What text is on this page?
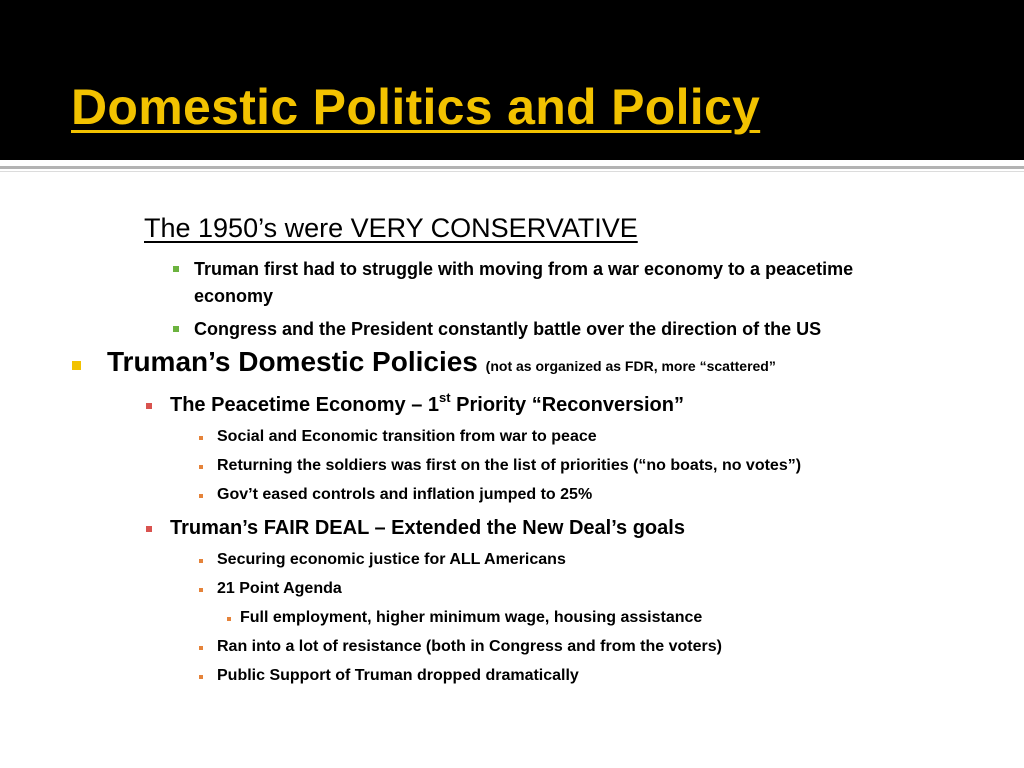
Domestic Politics and Policy
The 1950’s were VERY CONSERVATIVE
Truman first had to struggle with moving from a war economy to a peacetime
economy
Congress and the President constantly battle over the direction of the US
Truman’s Domestic Policies (not as organized as FDR, more “scattered”
The Peacetime Economy – 1st Priority “Reconversion”
Social and Economic transition from war to peace
Returning the soldiers was first on the list of priorities (“no boats, no votes”)
Gov’t eased controls and inflation jumped to 25%
Truman’s FAIR DEAL – Extended the New Deal’s goals
Securing economic justice for ALL Americans
21 Point Agenda
Full employment, higher minimum wage, housing assistance
Ran into a lot of resistance (both in Congress and from the voters)
Public Support of Truman dropped dramatically
